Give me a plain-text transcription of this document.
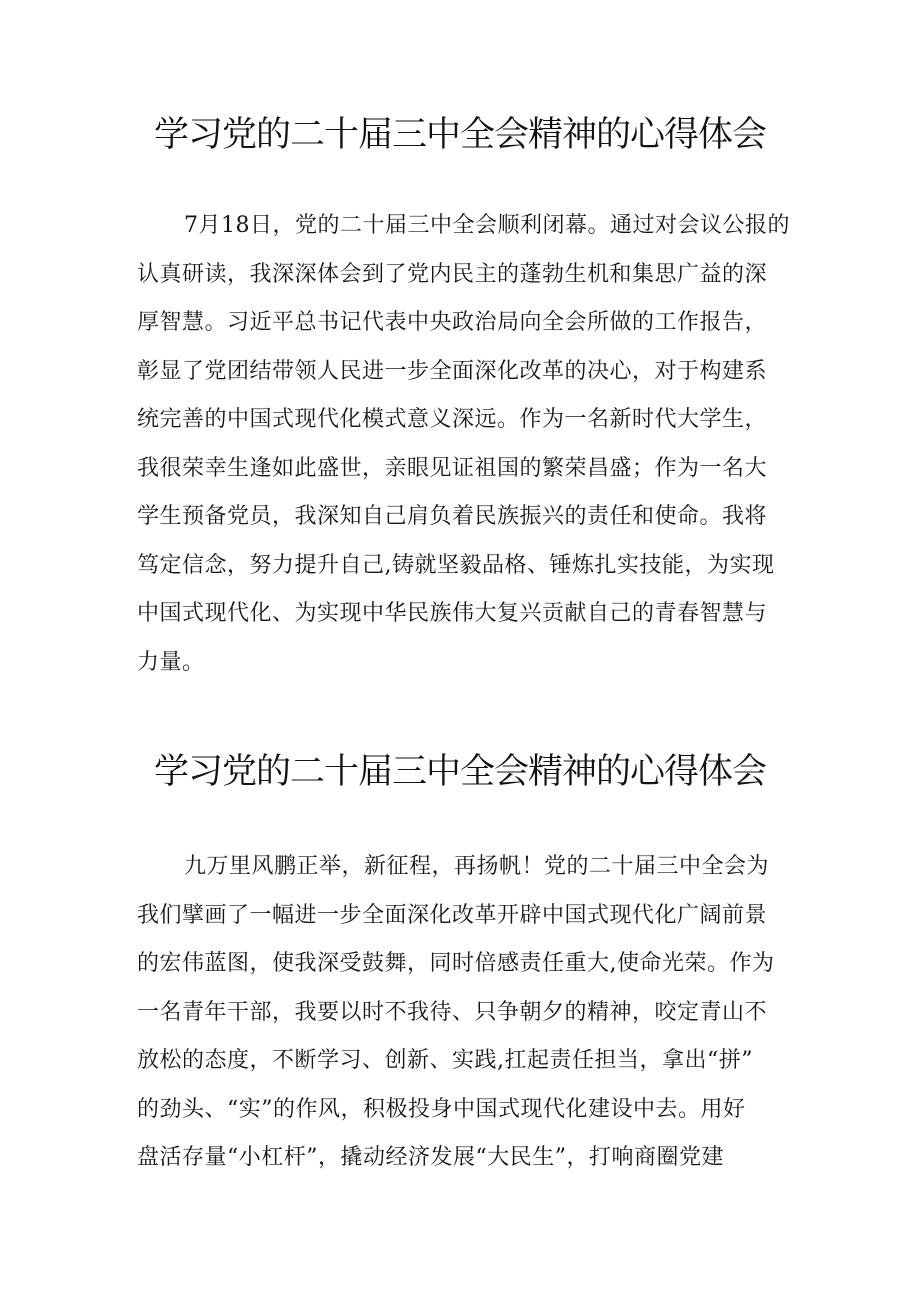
学习党的二十届三中全会精神的心得体会
7月18日，党的二十届三中全会顺利闭幕。通过对会议公报的
认真研读，我深深体会到了党内民主的蓬勃生机和集思广益的深
厚智慧。习近平总书记代表中央政治局向全会所做的工作报告，
彰显了党团结带领人民进一步全面深化改革的决心，对于构建系
统完善的中国式现代化模式意义深远。作为一名新时代大学生，
我很荣幸生逢如此盛世，亲眼见证祖国的繁荣昌盛；作为一名大
学生预备党员，我深知自己肩负着民族振兴的责任和使命。我将
笃定信念，努力提升自己,铸就坚毅品格、锤炼扎实技能，为实现
中国式现代化、为实现中华民族伟大复兴贡献自己的青春智慧与
力量。
学习党的二十届三中全会精神的心得体会
九万里风鹏正举，新征程，再扬帆！党的二十届三中全会为
我们擘画了一幅进一步全面深化改革开辟中国式现代化广阔前景
的宏伟蓝图，使我深受鼓舞，同时倍感责任重大,使命光荣。作为
一名青年干部，我要以时不我待、只争朝夕的精神，咬定青山不
放松的态度，不断学习、创新、实践,扛起责任担当，拿出“拼”
的劲头、“实”的作风，积极投身中国式现代化建设中去。用好
盘活存量“小杠杆”，撬动经济发展“大民生”，打响商圈党建
